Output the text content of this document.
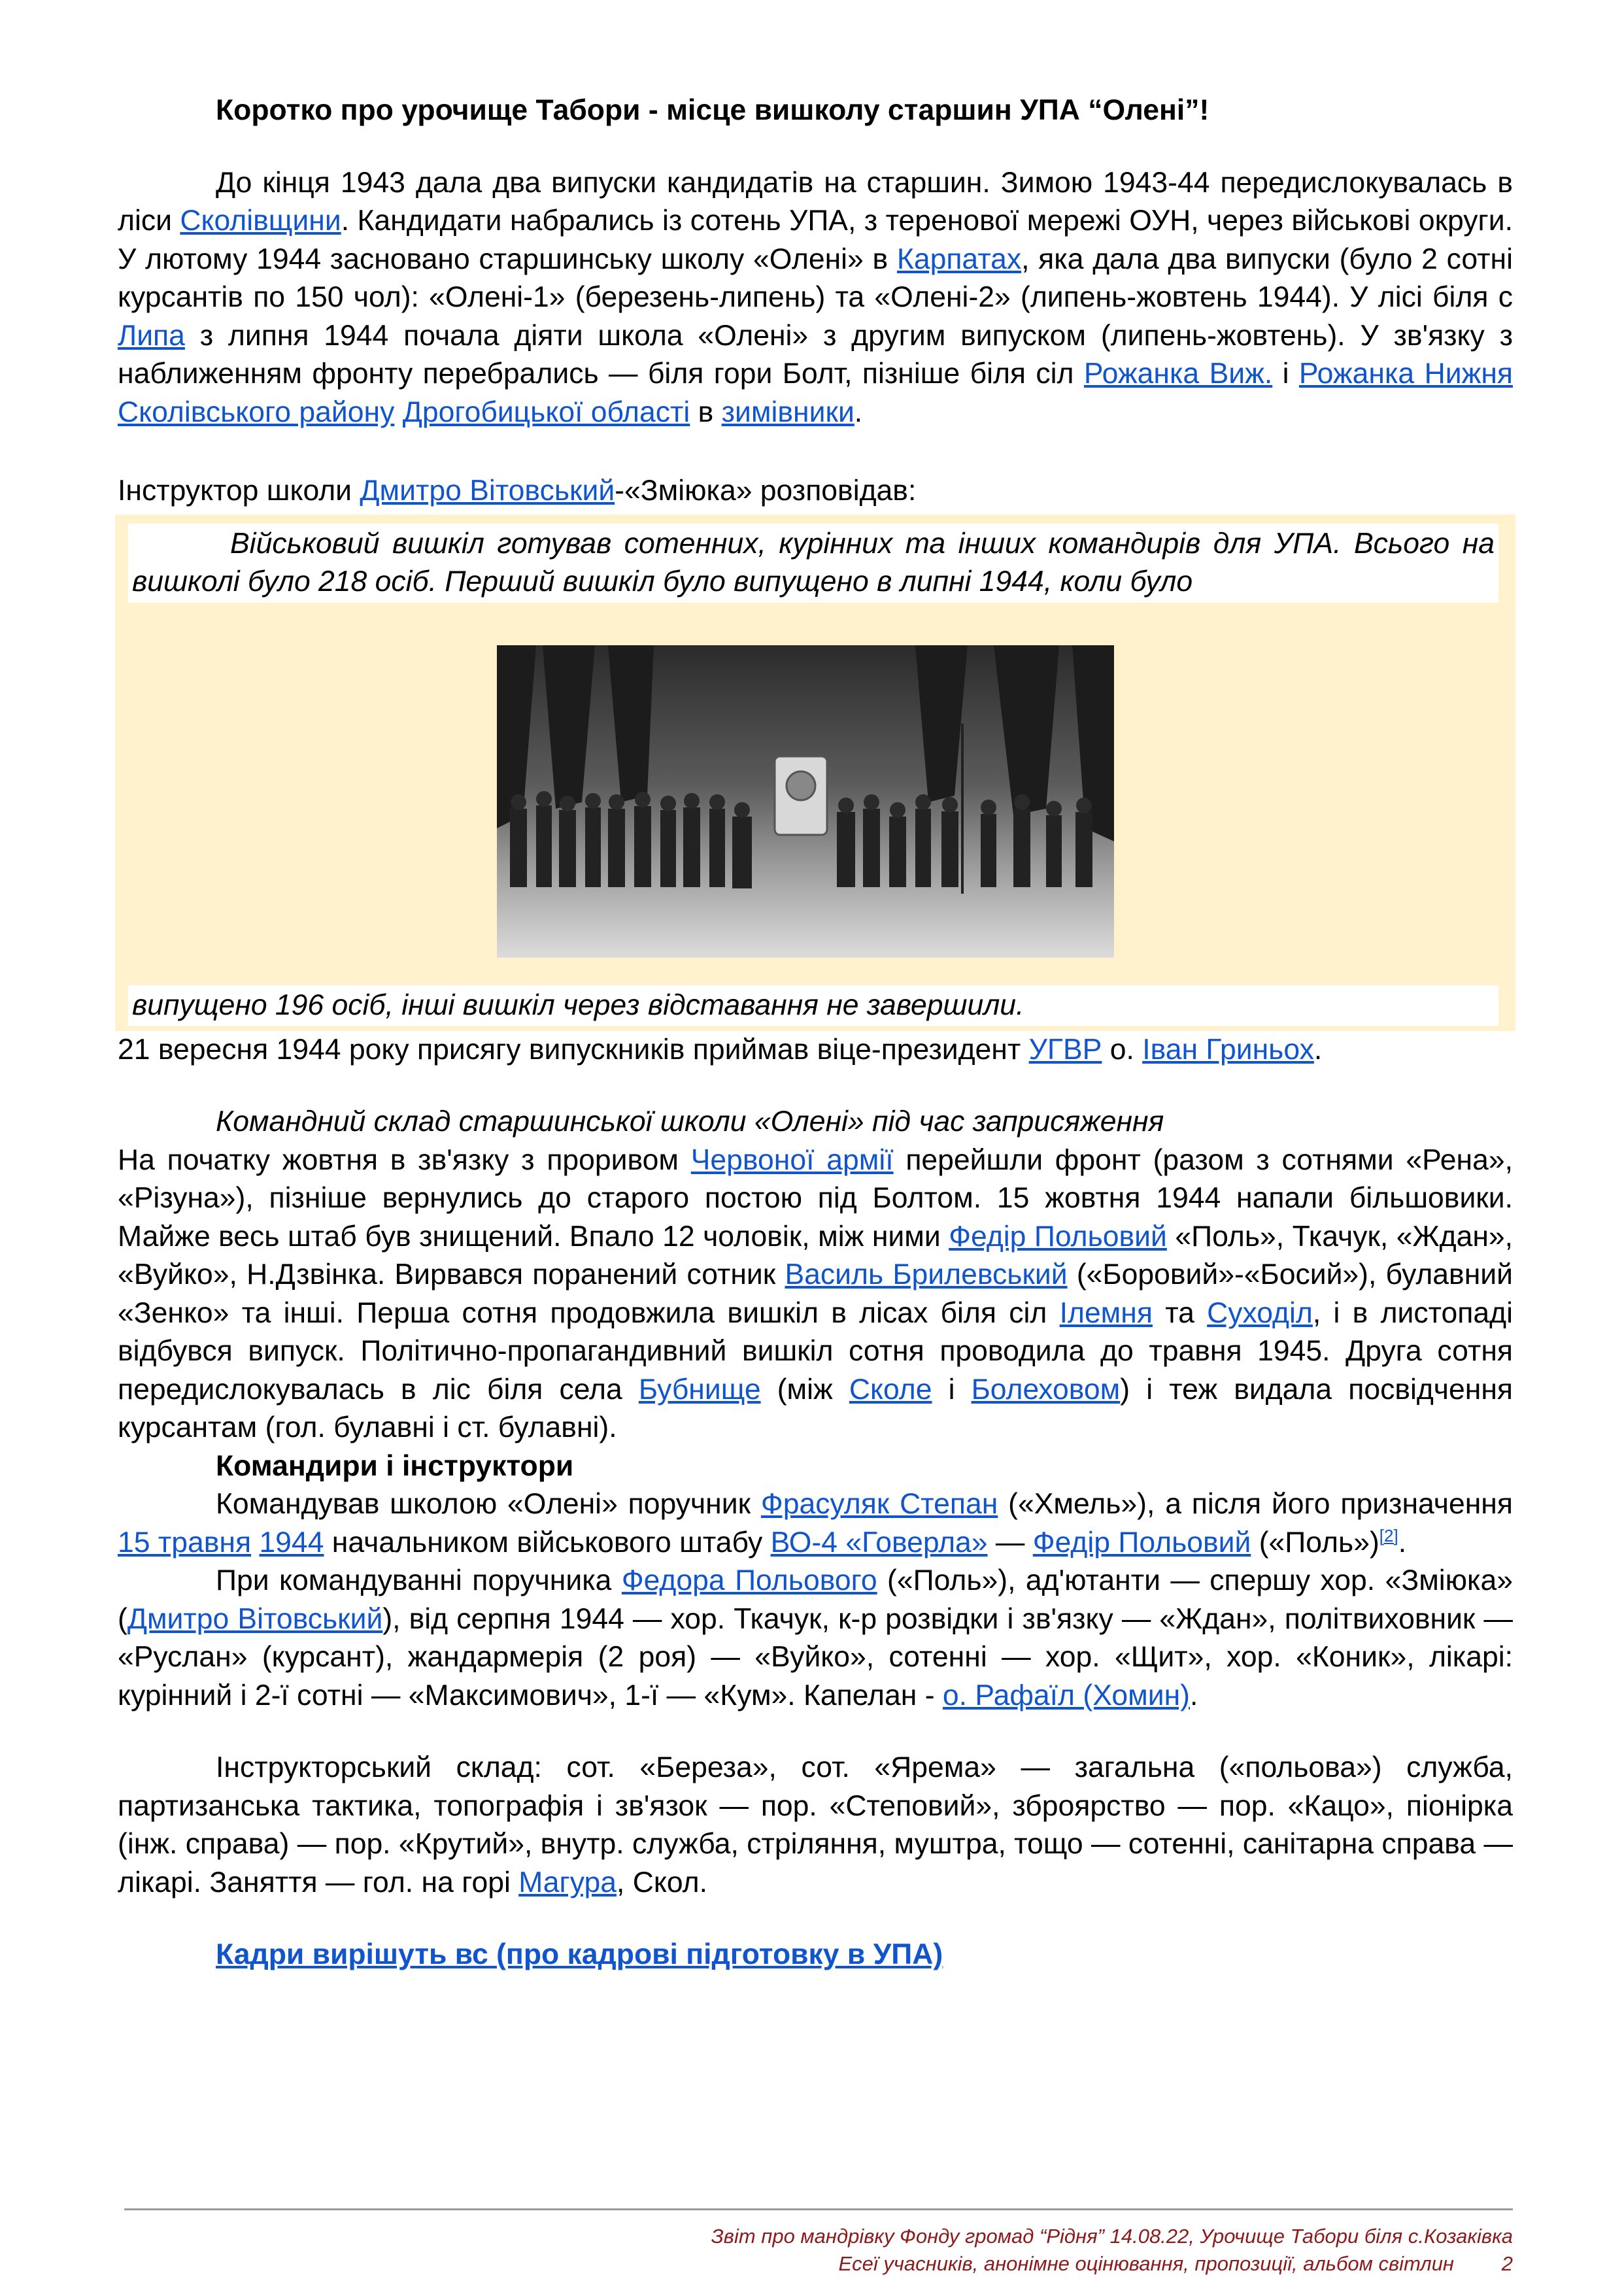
Коротко про урочище Табори - місце вишколу старшин УПА “Олені”!

До кінця 1943 дала два випуски кандидатів на старшин. Зимою 1943-44 передислокувалась в ліси Сколівщини. Кандидати набрались із сотень УПА, з теренової мережі ОУН, через військові округи. У лютому 1944 засновано старшинську школу «Олені» в Карпатах, яка дала два випуски (було 2 сотні курсантів по 150 чол): «Олені-1» (березень-липень) та «Олені-2» (липень-жовтень 1944). У лісі біля с Липа з липня 1944 почала діяти школа «Олені» з другим випуском (липень-жовтень). У зв'язку з наближенням фронту перебрались — біля гори Болт, пізніше біля сіл Рожанка Виж. і Рожанка Нижня Сколівського району Дрогобицької області в зимівники.

Інструктор школи Дмитро Вітовський-«Зміюка» розповідав:

Військовий вишкіл готував сотенних, курінних та інших командирів для УПА. Всього на вишколі було 218 осіб. Перший вишкіл було випущено в липні 1944, коли було

випущено 196 осіб, інші вишкіл через відставання не завершили.

21 вересня 1944 року присягу випускників приймав віце-президент УГВР о. Іван Гриньох.

Командний склад старшинської школи «Олені» під час заприсяження

На початку жовтня в зв'язку з проривом Червоної армії перейшли фронт (разом з сотнями «Рена», «Різуна»), пізніше вернулись до старого постою під Болтом. 15 жовтня 1944 напали більшовики. Майже весь штаб був знищений. Впало 12 чоловік, між ними Федір Польовий «Поль», Ткачук, «Ждан», «Вуйко», Н.Дзвінка. Вирвався поранений сотник Василь Брилевський («Боровий»-«Босий»), булавний «Зенко» та інші. Перша сотня продовжила вишкіл в лісах біля сіл Ілемня та Суходіл, і в листопаді відбувся випуск. Політично-пропагандивний вишкіл сотня проводила до травня 1945. Друга сотня передислокувалась в ліс біля села Бубнище (між Сколе і Болеховом) і теж видала посвідчення курсантам (гол. булавні і ст. булавні).

Командири і інструктори

Командував школою «Олені» поручник Фрасуляк Степан («Хмель»), а після його призначення 15 травня 1944 начальником військового штабу ВО-4 «Говерла» — Федір Польовий («Поль»)[2].

При командуванні поручника Федора Польового («Поль»), ад'ютанти — спершу хор. «Зміюка» (Дмитро Вітовський), від серпня 1944 — хор. Ткачук, к-р розвідки і зв'язку — «Ждан», політвиховник — «Руслан» (курсант), жандармерія (2 роя) — «Вуйко», сотенні — хор. «Щит», хор. «Коник», лікарі: курінний і 2-ї сотні — «Максимович», 1-ї — «Кум». Капелан - о. Рафаїл (Хомин).

Інструкторський склад: сот. «Береза», сот. «Ярема» — загальна («польова») служба, партизанська тактика, топографія і зв'язок — пор. «Степовий», зброярство — пор. «Кацо», піонірка (інж. справа) — пор. «Крутий», внутр. служба, стріляння, муштра, тощо — сотенні, санітарна справа — лікарі. Заняття — гол. на горі Магура, Скол.

Кадри вирішуть вс (про кадрові підготовку в УПА)

Звіт про мандрівку Фонду громад “Рідня” 14.08.22, Урочище Табори біля с.Козаківка

Есеї учасників, анонімне оцінювання, пропозиції, альбом світлин 2
